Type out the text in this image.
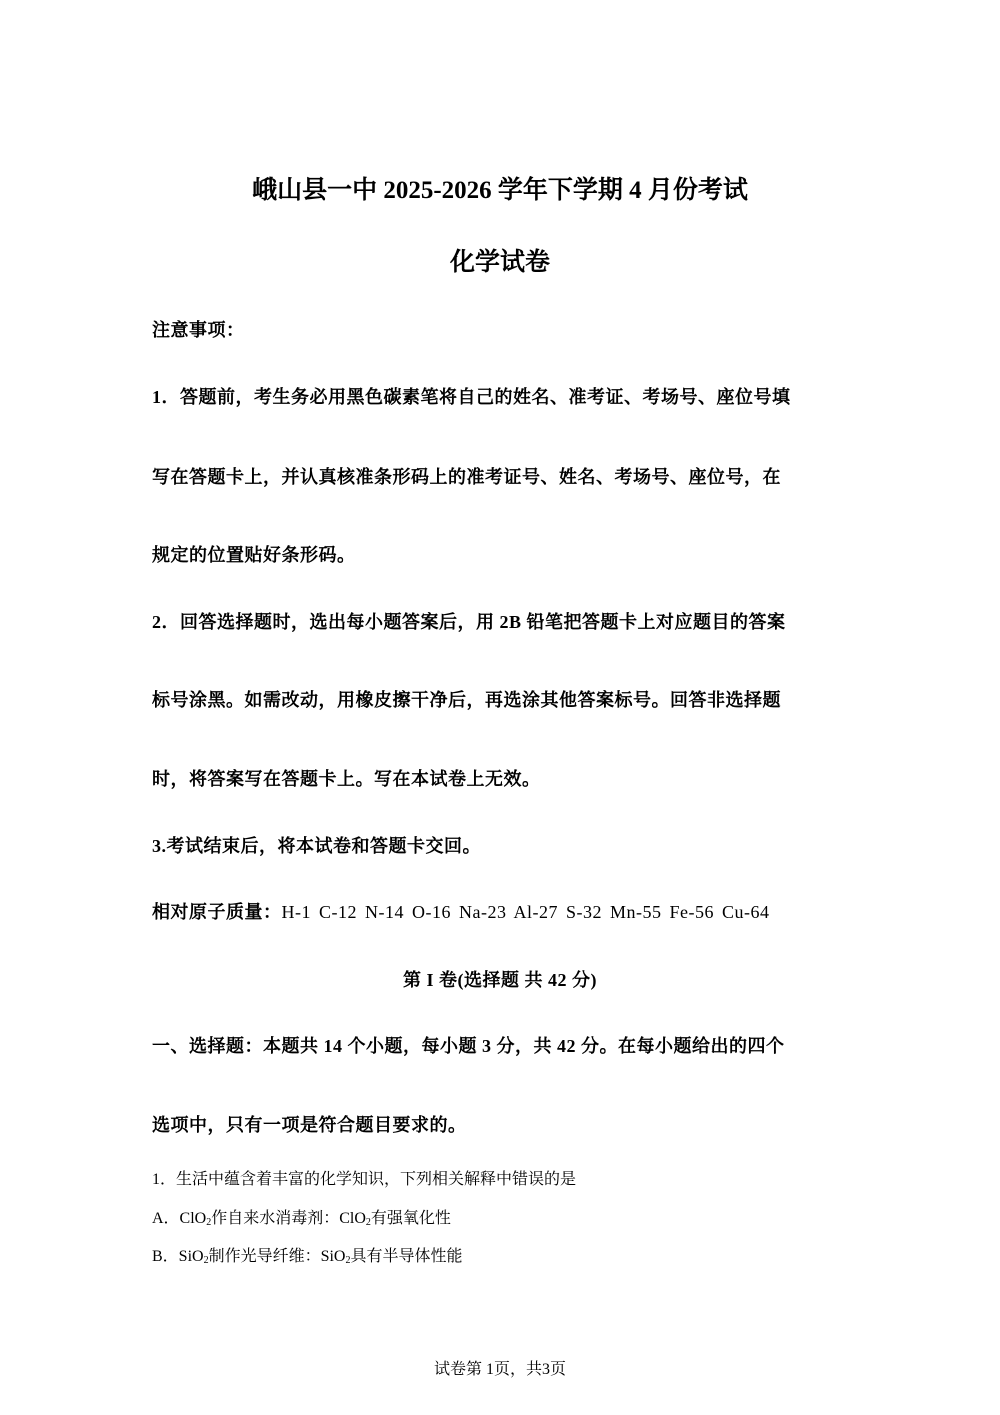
峨山县一中 2025-2026 学年下学期 4 月份考试
化学试卷
注意事项：
1．答题前，考生务必用黑色碳素笔将自己的姓名、准考证、考场号、座位号填
写在答题卡上，并认真核准条形码上的准考证号、姓名、考场号、座位号，在
规定的位置贴好条形码。
2．回答选择题时，选出每小题答案后，用 2B 铅笔把答题卡上对应题目的答案
标号涂黑。如需改动，用橡皮擦干净后，再选涂其他答案标号。回答非选择题
时，将答案写在答题卡上。写在本试卷上无效。
3.考试结束后，将本试卷和答题卡交回。
相对原子质量：H-1 C-12 N-14 O-16 Na-23 Al-27 S-32 Mn-55 Fe-56 Cu-64
第 I 卷(选择题 共 42 分)
一、选择题：本题共 14 个小题，每小题 3 分，共 42 分。在每小题给出的四个
选项中，只有一项是符合题目要求的。
1．生活中蕴含着丰富的化学知识，下列相关解释中错误的是
A．ClO$_2$作自来水消毒剂：ClO$_2$有强氧化性
B．SiO$_2$制作光导纤维：SiO$_2$具有半导体性能
试卷第 1页，共3页
